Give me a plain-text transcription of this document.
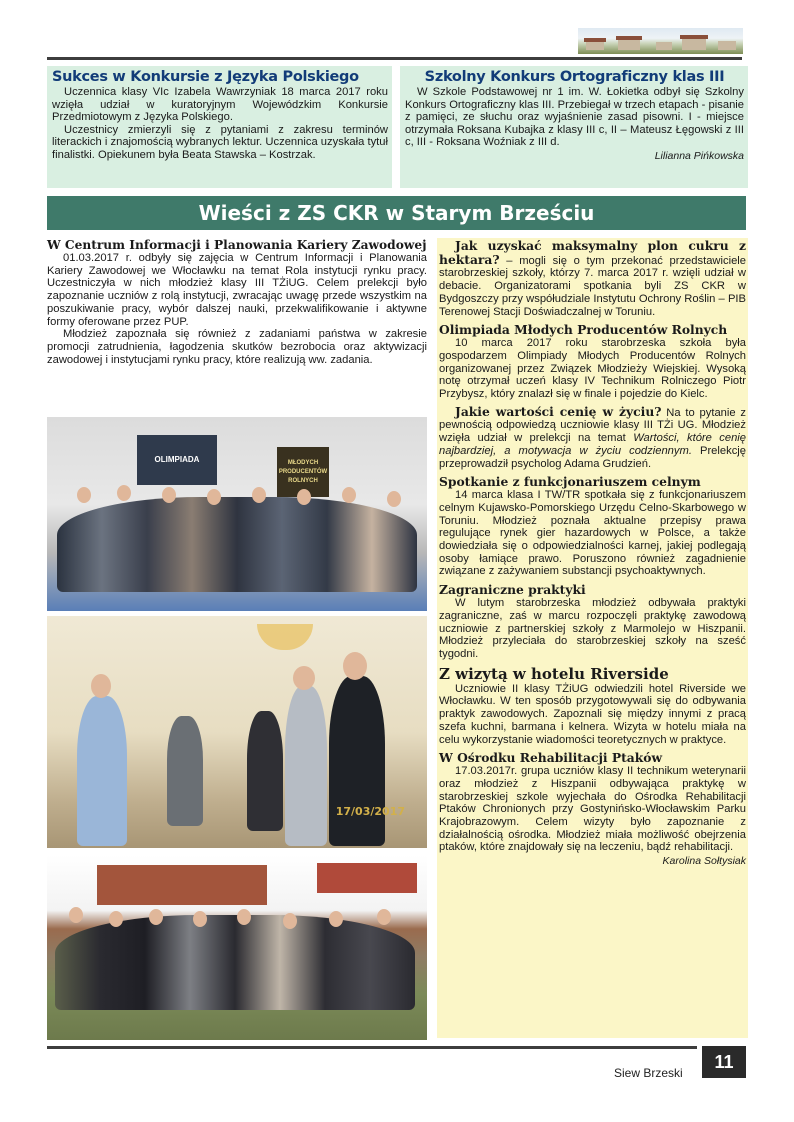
Sukces w Konkursie z Języka Polskiego

Uczennica klasy VIc Izabela Wawrzyniak 18 marca 2017 roku wzięła udział w kuratoryjnym Wojewódzkim Konkursie Przedmiotowym z Języka Polskiego.

Uczestnicy zmierzyli się z pytaniami z zakresu terminów literackich i znajomością wybranych lektur. Uczennica uzyskała tytuł finalistki. Opiekunem była Beata Stawska – Kostrzak.

Szkolny Konkurs Ortograficzny klas III

W Szkole Podstawowej nr 1 im. W. Łokietka odbył się Szkolny Konkurs Ortograficzny klas III. Przebiegał w trzech etapach - pisanie z pamięci, ze słuchu oraz wyjaśnienie zasad pisowni. I - miejsce otrzymała Roksana Kubajka z klasy III c, II – Mateusz Łęgowski z III c, III - Roksana Woźniak z III d.

Lilianna Pińkowska
Wieści z ZS CKR w Starym Brześciu
W Centrum Informacji i Planowania Kariery Zawodowej

01.03.2017 r. odbyły się zajęcia w Centrum Informacji i Planowania Kariery Zawodowej we Włocławku na temat Rola instytucji rynku pracy. Uczestniczyła w nich młodzież klasy III TŻiUG. Celem prelekcji było zapoznanie uczniów z rolą instytucji, zwracając uwagę przede wszystkim na poszukiwanie pracy, wybór dalszej nauki, przekwalifikowanie i aktywne formy oferowane przez PUP.

Młodzież zapoznała się również z zadaniami państwa w zakresie promocji zatrudnienia, łagodzenia skutków bezrobocia oraz aktywizacji zawodowej i instytucjami rynku pracy, które realizują ww. zadania.

OLIMPIADA	MŁODYCH PRODUCENTÓW ROLNYCH
17/03/2017

Jak uzyskać maksymalny plon cukru z hektara? – mogli się o tym przekonać przedstawiciele starobrzeskiej szkoły, którzy 7. marca 2017 r. wzięli udział w debacie. Organizatorami spotkania byli ZS CKR w Bydgoszczy przy współudziale Instytutu Ochrony Roślin – PIB Terenowej Stacji Doświadczalnej w Toruniu.

Olimpiada Młodych Producentów Rolnych

10 marca 2017 roku starobrzeska szkoła była gospodarzem Olimpiady Młodych Producentów Rolnych organizowanej przez Związek Młodzieży Wiejskiej. Wysoką notę otrzymał uczeń klasy IV Technikum Rolniczego Piotr Przybysz, który znalazł się w finale i pojedzie do Kielc.

Jakie wartości cenię w życiu? Na to pytanie z pewnością odpowiedzą uczniowie klasy III TŻi UG. Młodzież wzięła udział w prelekcji na temat Wartości, które cenię najbardziej, a motywacja w życiu codziennym. Prelekcję przeprowadził psycholog Adama Grudzień.

Spotkanie z funkcjonariuszem celnym

14 marca klasa I TW/TR spotkała się z funkcjonariuszem celnym Kujawsko-Pomorskiego Urzędu Celno-Skarbowego w Toruniu. Młodzież poznała aktualne przepisy prawa regulujące rynek gier hazardowych w Polsce, a także dowiedziała się o odpowiedzialności karnej, jakiej podlegają osoby łamiące prawo. Poruszono również zagadnienie związane z zażywaniem substancji psychoaktywnych.

Zagraniczne praktyki

W lutym starobrzeska młodzież odbywała praktyki zagraniczne, zaś w marcu rozpoczęli praktykę zawodową uczniowie z partnerskiej szkoły z Marmolejo w Hiszpanii. Młodzież przyleciała do starobrzeskiej szkoły na sześć tygodni.

Z wizytą w hotelu Riverside

Uczniowie II klasy TŻiUG odwiedzili hotel Riverside we Włocławku. W ten sposób przygotowywali się do odbywania praktyk zawodowych. Zapoznali się między innymi z pracą szefa kuchni, barmana i kelnera. Wizyta w hotelu miała na celu wykorzystanie wiadomości teoretycznych w praktyce.

W Ośrodku Rehabilitacji Ptaków

17.03.2017r. grupa uczniów klasy II technikum weterynarii oraz młodzież z Hiszpanii odbywająca praktykę w starobrzeskiej szkole wyjechała do Ośrodka Rehabilitacji Ptaków Chronionych przy Gostynińsko-Włocławskim Parku Krajobrazowym. Celem wizyty było zapoznanie z działalnością ośrodka. Młodzież miała możliwość obejrzenia ptaków, które znajdowały się na leczeniu, bądź rehabilitacji.

Karolina Sołtysiak
Siew Brzeski
11
